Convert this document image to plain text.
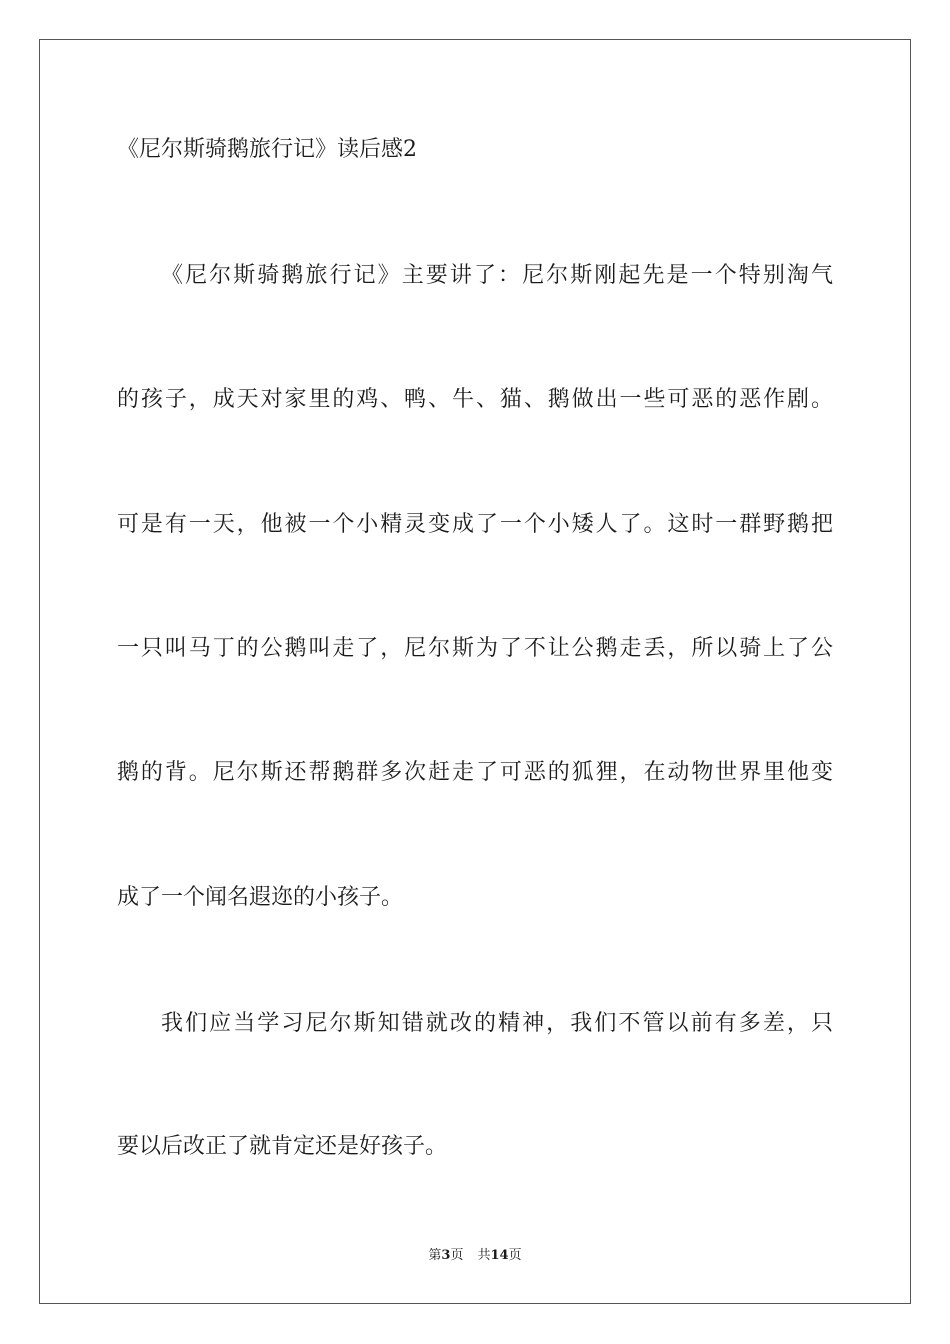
《尼尔斯骑鹅旅行记》读后感2
《尼尔斯骑鹅旅行记》主要讲了：尼尔斯刚起先是一个特别淘气
的孩子，成天对家里的鸡、鸭、牛、猫、鹅做出一些可恶的恶作剧。
可是有一天，他被一个小精灵变成了一个小矮人了。这时一群野鹅把
一只叫马丁的公鹅叫走了，尼尔斯为了不让公鹅走丢，所以骑上了公
鹅的背。尼尔斯还帮鹅群多次赶走了可恶的狐狸，在动物世界里他变
成了一个闻名遐迩的小孩子。
我们应当学习尼尔斯知错就改的精神，我们不管以前有多差，只
要以后改正了就肯定还是好孩子。
第3页 共14页
